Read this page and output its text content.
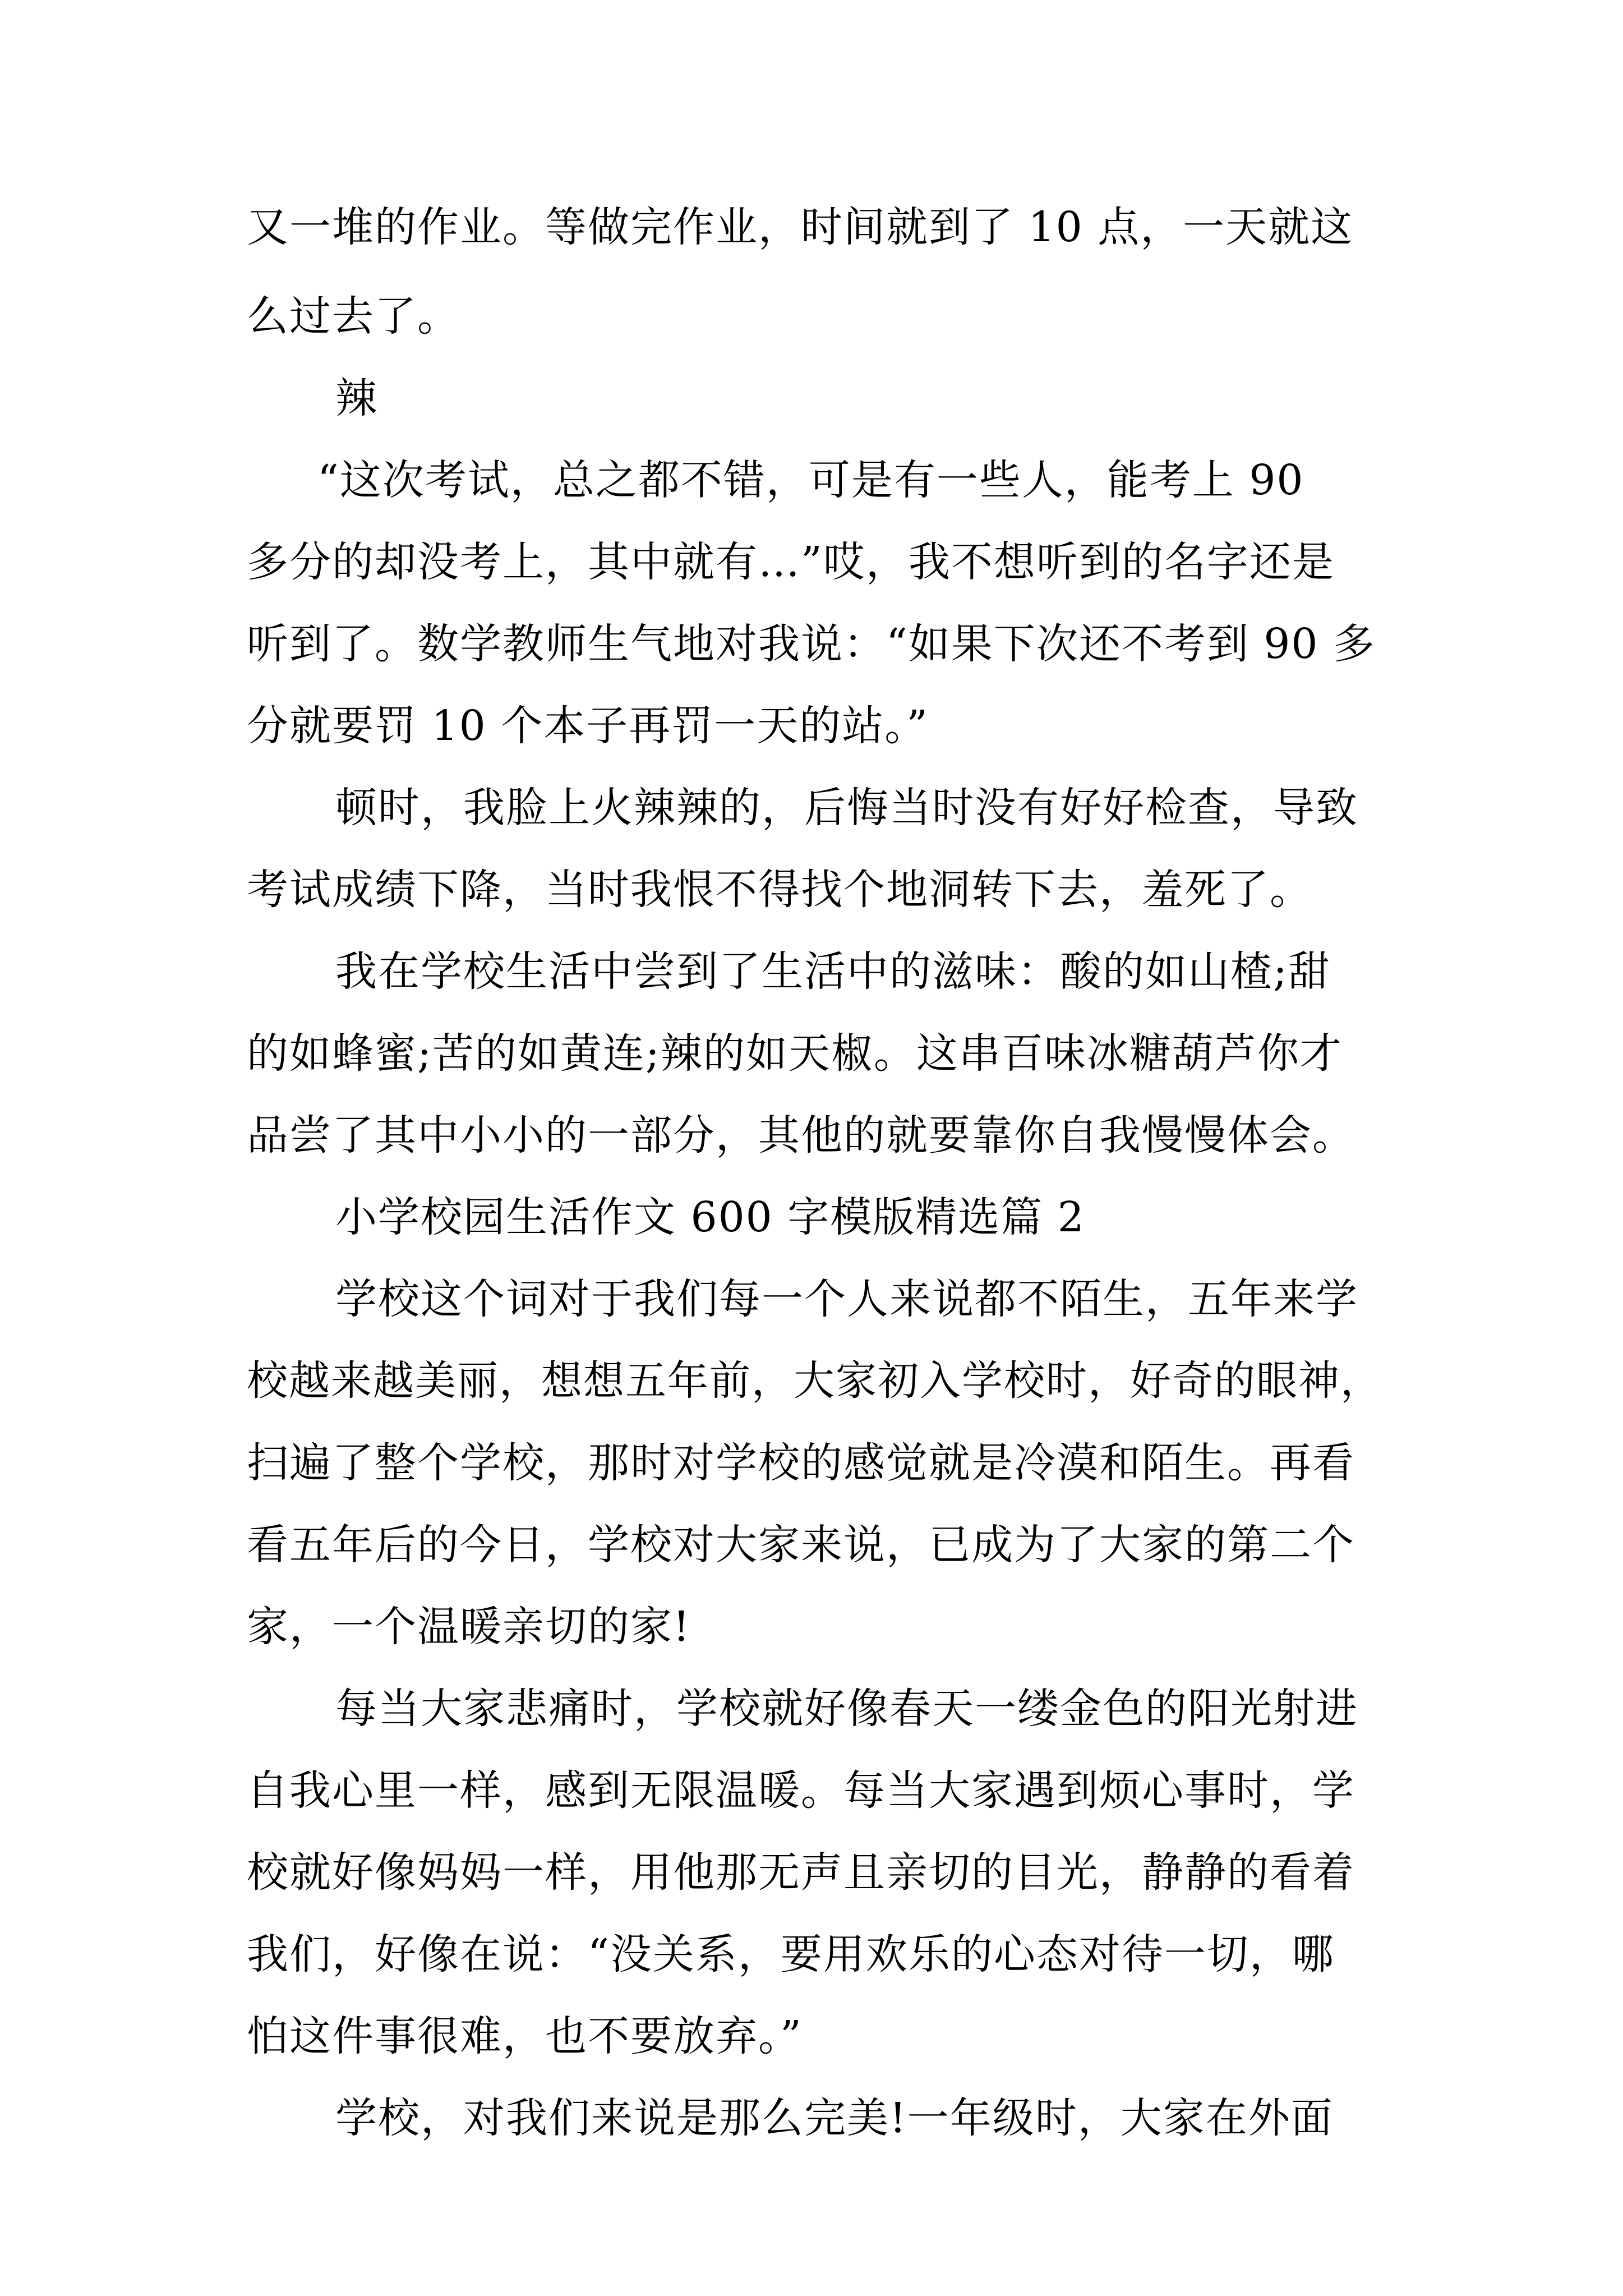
又一堆的作业。等做完作业，时间就到了 10 点，一天就这
么过去了。
辣
“这次考试，总之都不错，可是有一些人，能考上 90
多分的却没考上，其中就有…”哎，我不想听到的名字还是
听到了。数学教师生气地对我说：“如果下次还不考到 90 多
分就要罚 10 个本子再罚一天的站。”
顿时，我脸上火辣辣的，后悔当时没有好好检查，导致
考试成绩下降，当时我恨不得找个地洞转下去，羞死了。
我在学校生活中尝到了生活中的滋味：酸的如山楂;甜
的如蜂蜜;苦的如黄连;辣的如天椒。这串百味冰糖葫芦你才
品尝了其中小小的一部分，其他的就要靠你自我慢慢体会。
小学校园生活作文 600 字模版精选篇 2
学校这个词对于我们每一个人来说都不陌生，五年来学
校越来越美丽，想想五年前，大家初入学校时，好奇的眼神，
扫遍了整个学校，那时对学校的感觉就是冷漠和陌生。再看
看五年后的今日，学校对大家来说，已成为了大家的第二个
家，一个温暖亲切的家!
每当大家悲痛时，学校就好像春天一缕金色的阳光射进
自我心里一样，感到无限温暖。每当大家遇到烦心事时，学
校就好像妈妈一样，用他那无声且亲切的目光，静静的看着
我们，好像在说：“没关系，要用欢乐的心态对待一切，哪
怕这件事很难，也不要放弃。”
学校，对我们来说是那么完美!一年级时，大家在外面
